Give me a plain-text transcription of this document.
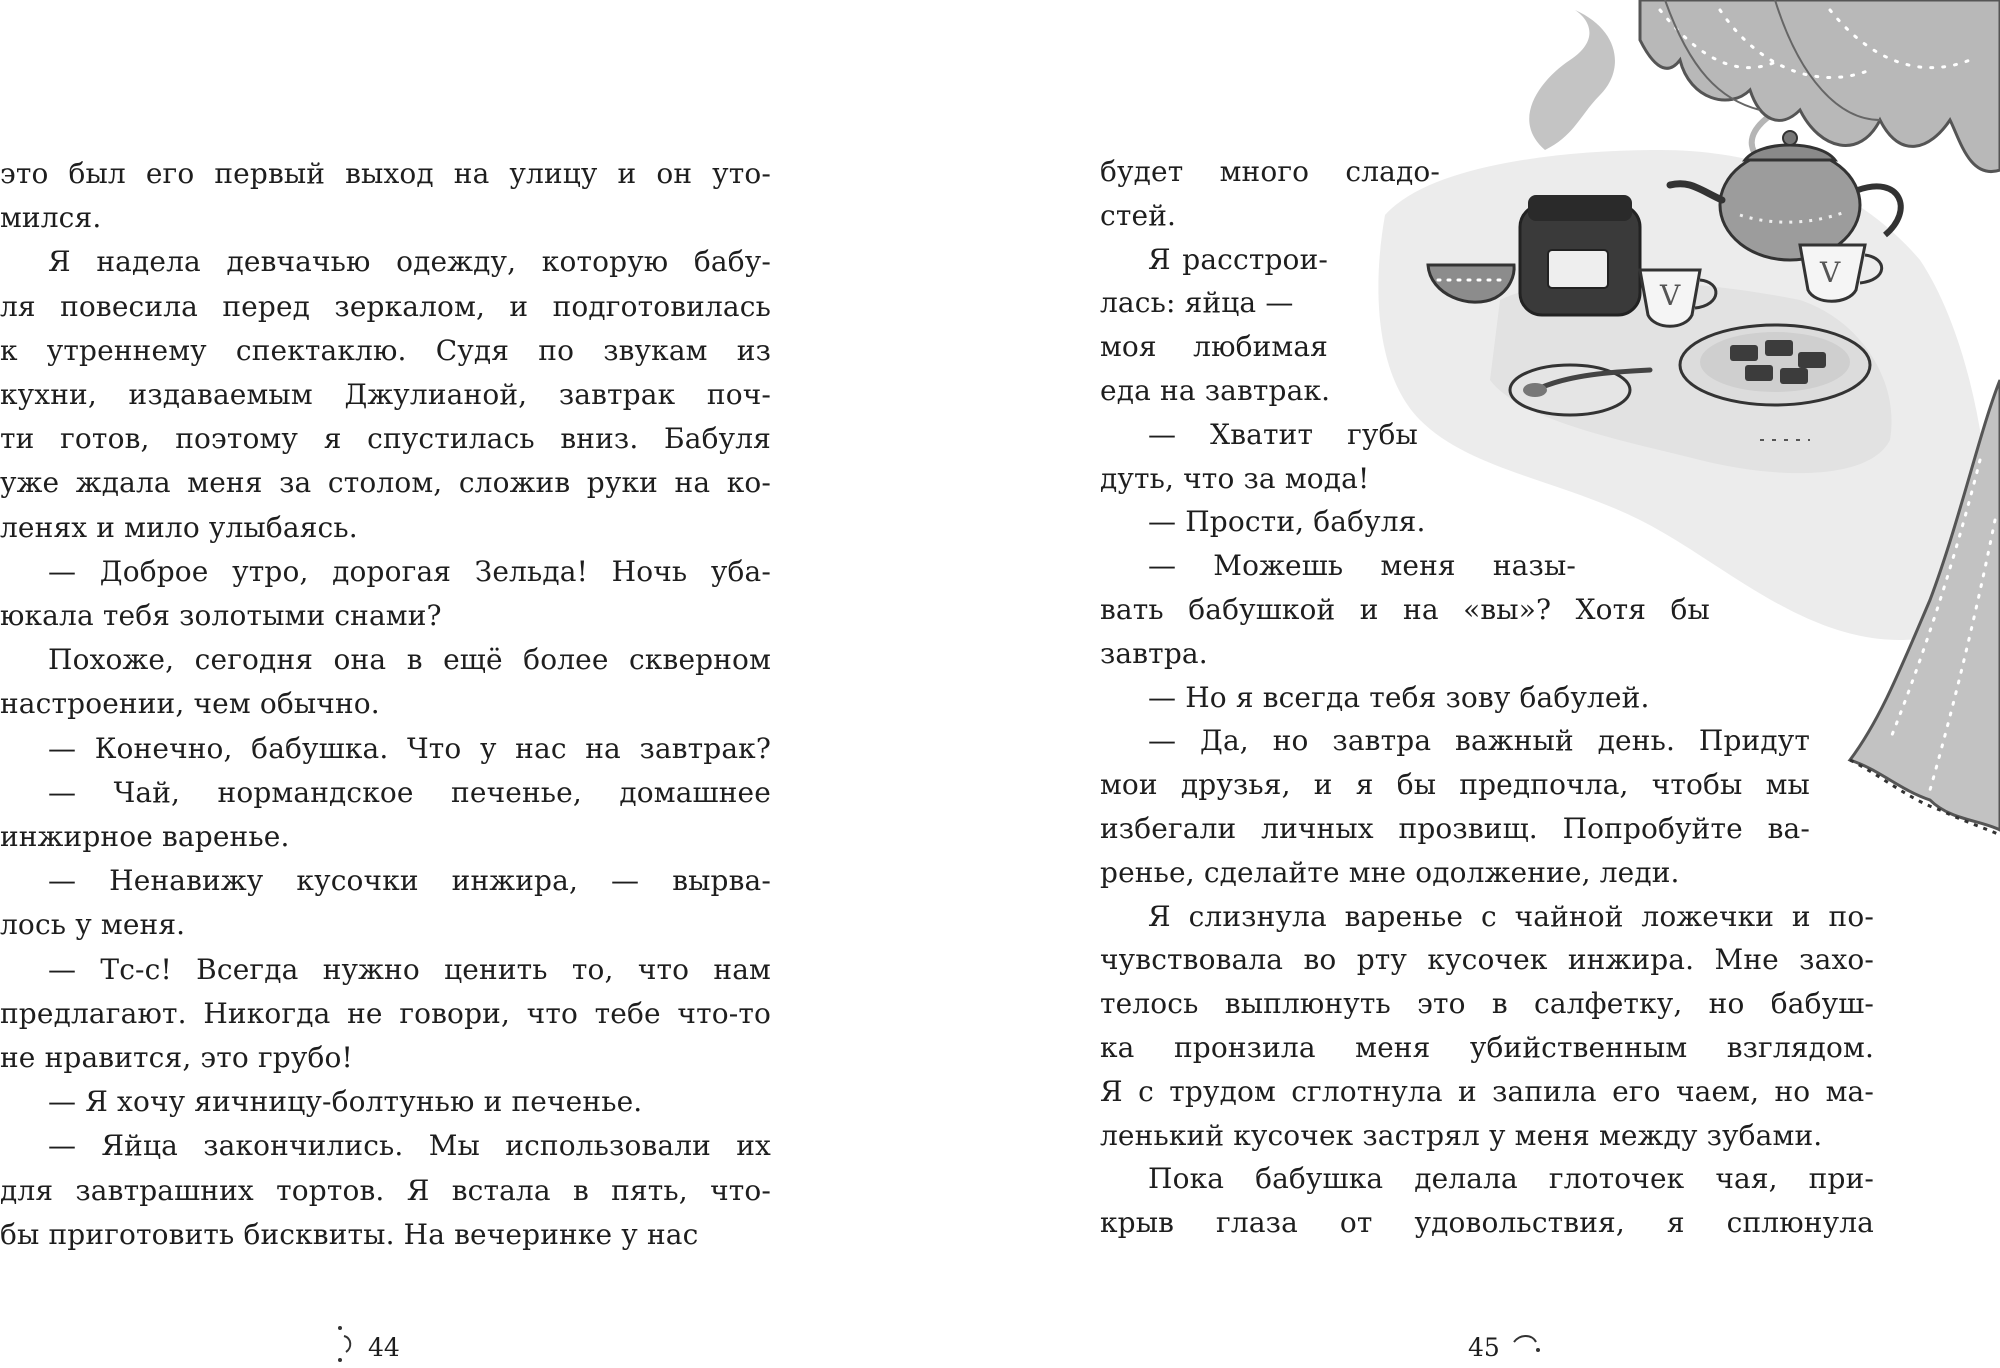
это был его первый выход на улицу и он уто-
мился.
Я надела девчачью одежду, которую бабу-
ля повесила перед зеркалом, и подготовилась
к утреннему спектаклю. Судя по звукам из
кухни, издаваемым Джулианой, завтрак поч-
ти готов, поэтому я спустилась вниз. Бабуля
уже ждала меня за столом, сложив руки на ко-
ленях и мило улыбаясь.
— Доброе утро, дорогая Зельда! Ночь уба-
юкала тебя золотыми снами?
Похоже, сегодня она в ещё более скверном
настроении, чем обычно.
— Конечно, бабушка. Что у нас на завтрак?
— Чай, нормандское печенье, домашнее
инжирное варенье.
— Ненавижу кусочки инжира, — вырва-
лось у меня.
— Тс-с! Всегда нужно ценить то, что нам
предлагают. Никогда не говори, что тебе что-то
не нравится, это грубо!
— Я хочу яичницу-болтунью и печенье.
— Яйца закончились. Мы использовали их
для завтрашних тортов. Я встала в пять, что-
бы приготовить бисквиты. На вечеринке у нас
будет много сладо-
стей.
Я расстрои-
лась: яйца —
моя любимая
еда на завтрак.
— Хватит губы
дуть, что за мода!
— Прости, бабуля.
— Можешь меня назы-
вать бабушкой и на «вы»? Хотя бы
завтра.
— Но я всегда тебя зову бабулей.
— Да, но завтра важный день. Придут
мои друзья, и я бы предпочла, чтобы мы
избегали личных прозвищ. Попробуйте ва-
ренье, сделайте мне одолжение, леди.
Я слизнула варенье с чайной ложечки и по-
чувствовала во рту кусочек инжира. Мне захо-
телось выплюнуть это в салфетку, но бабуш-
ка пронзила меня убийственным взглядом.
Я с трудом сглотнула и запила его чаем, но ма-
ленький кусочек застрял у меня между зубами.
Пока бабушка делала глоточек чая, при-
крыв глаза от удовольствия, я сплюнула
V
V
44	45
